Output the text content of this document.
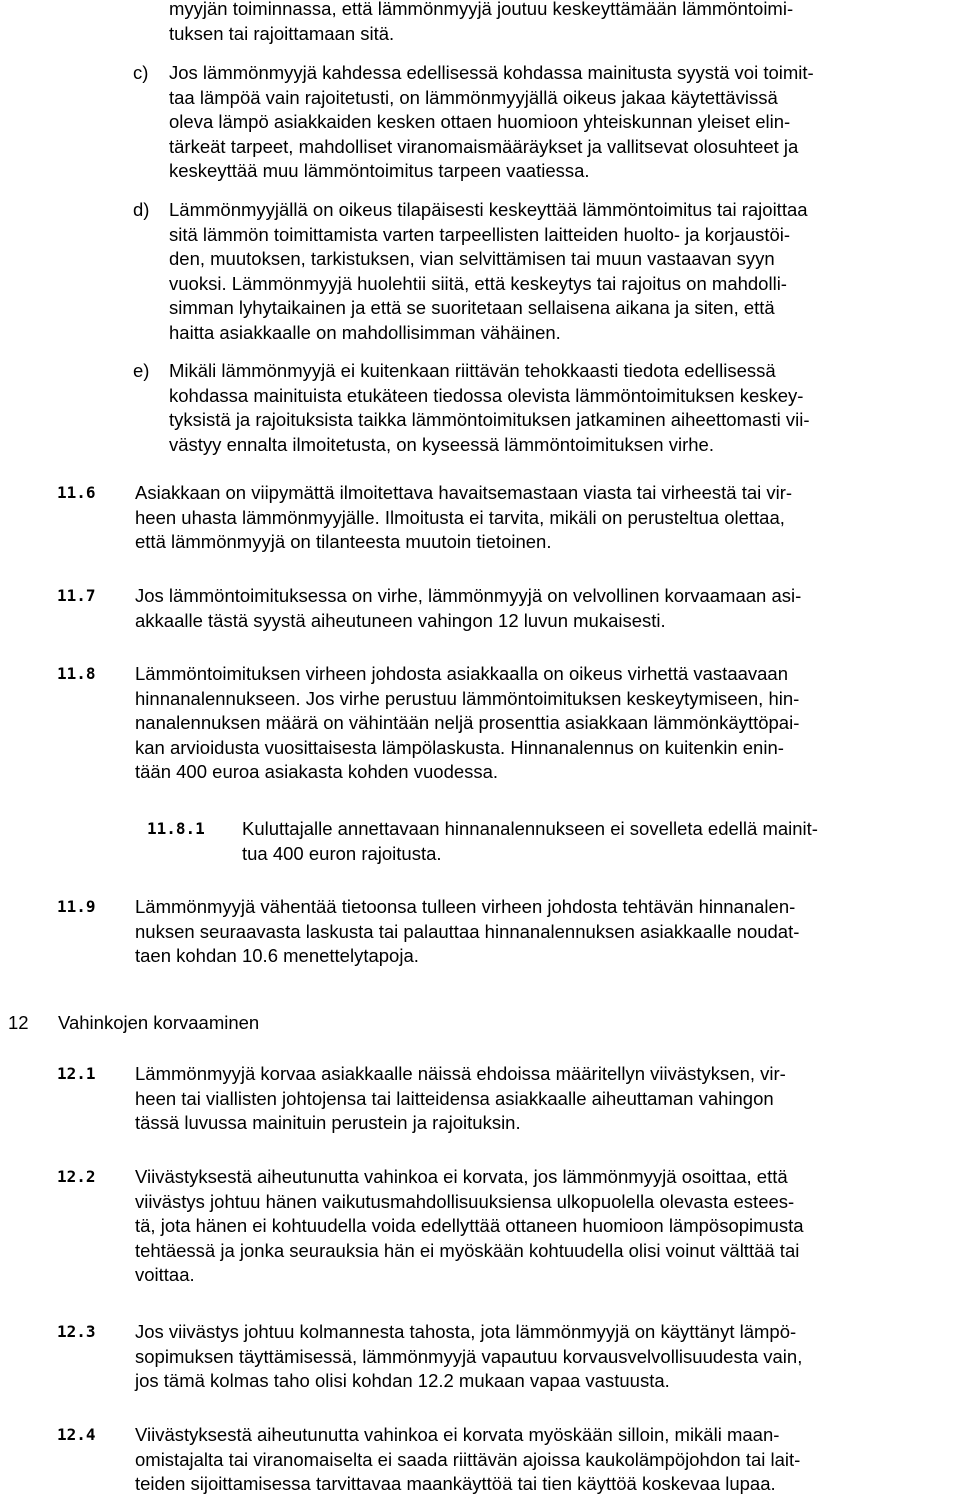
myyjän toiminnassa, että lämmönmyyjä joutuu keskeyttämään lämmöntoimi-
tuksen tai rajoittamaan sitä.
c) Jos lämmönmyyjä kahdessa edellisessä kohdassa mainitusta syystä voi toimit-
taa lämpöä vain rajoitetusti, on lämmönmyyjällä oikeus jakaa käytettävissä
oleva lämpö asiakkaiden kesken ottaen huomioon yhteiskunnan yleiset elin-
tärkeät tarpeet, mahdolliset viranomaismääräykset ja vallitsevat olosuhteet ja
keskeyttää muu lämmöntoimitus tarpeen vaatiessa.
d) Lämmönmyyjällä on oikeus tilapäisesti keskeyttää lämmöntoimitus tai rajoittaa
sitä lämmön toimittamista varten tarpeellisten laitteiden huolto- ja korjaustöi-
den, muutoksen, tarkistuksen, vian selvittämisen tai muun vastaavan syyn
vuoksi. Lämmönmyyjä huolehtii siitä, että keskeytys tai rajoitus on mahdolli-
simman lyhytaikainen ja että se suoritetaan sellaisena aikana ja siten, että
haitta asiakkaalle on mahdollisimman vähäinen.
e) Mikäli lämmönmyyjä ei kuitenkaan riittävän tehokkaasti tiedota edellisessä
kohdassa mainituista etukäteen tiedossa olevista lämmöntoimituksen keskey-
tyksistä ja rajoituksista taikka lämmöntoimituksen jatkaminen aiheettomasti vii-
västyy ennalta ilmoitetusta, on kyseessä lämmöntoimituksen virhe.
11.6 Asiakkaan on viipymättä ilmoitettava havaitsemastaan viasta tai virheestä tai vir-
heen uhasta lämmönmyyjälle. Ilmoitusta ei tarvita, mikäli on perusteltua olettaa,
että lämmönmyyjä on tilanteesta muutoin tietoinen.
11.7 Jos lämmöntoimituksessa on virhe, lämmönmyyjä on velvollinen korvaamaan asi-
akkaalle tästä syystä aiheutuneen vahingon 12 luvun mukaisesti.
11.8 Lämmöntoimituksen virheen johdosta asiakkaalla on oikeus virhettä vastaavaan
hinnanalennukseen. Jos virhe perustuu lämmöntoimituksen keskeytymiseen, hin-
nanalennuksen määrä on vähintään neljä prosenttia asiakkaan lämmönkäyttöpai-
kan arvioidusta vuosittaisesta lämpölaskusta. Hinnanalennus on kuitenkin enin-
tään 400 euroa asiakasta kohden vuodessa.
11.8.1 Kuluttajalle annettavaan hinnanalennukseen ei sovelleta edellä mainit-
tua 400 euron rajoitusta.
11.9 Lämmönmyyjä vähentää tietoonsa tulleen virheen johdosta tehtävän hinnanalen-
nuksen seuraavasta laskusta tai palauttaa hinnanalennuksen asiakkaalle noudat-
taen kohdan 10.6 menettelytapoja.
12 Vahinkojen korvaaminen
12.1 Lämmönmyyjä korvaa asiakkaalle näissä ehdoissa määritellyn viivästyksen, vir-
heen tai viallisten johtojensa tai laitteidensa asiakkaalle aiheuttaman vahingon
tässä luvussa mainituin perustein ja rajoituksin.
12.2 Viivästyksestä aiheutunutta vahinkoa ei korvata, jos lämmönmyyjä osoittaa, että
viivästys johtuu hänen vaikutusmahdollisuuksiensa ulkopuolella olevasta estees-
tä, jota hänen ei kohtuudella voida edellyttää ottaneen huomioon lämpösopimusta
tehtäessä ja jonka seurauksia hän ei myöskään kohtuudella olisi voinut välttää tai
voittaa.
12.3 Jos viivästys johtuu kolmannesta tahosta, jota lämmönmyyjä on käyttänyt lämpö-
sopimuksen täyttämisessä, lämmönmyyjä vapautuu korvausvelvollisuudesta vain,
jos tämä kolmas taho olisi kohdan 12.2 mukaan vapaa vastuusta.
12.4 Viivästyksestä aiheutunutta vahinkoa ei korvata myöskään silloin, mikäli maan-
omistajalta tai viranomaiselta ei saada riittävän ajoissa kaukolämpöjohdon tai lait-
teiden sijoittamisessa tarvittavaa maankäyttöä tai tien käyttöä koskevaa lupaa.
